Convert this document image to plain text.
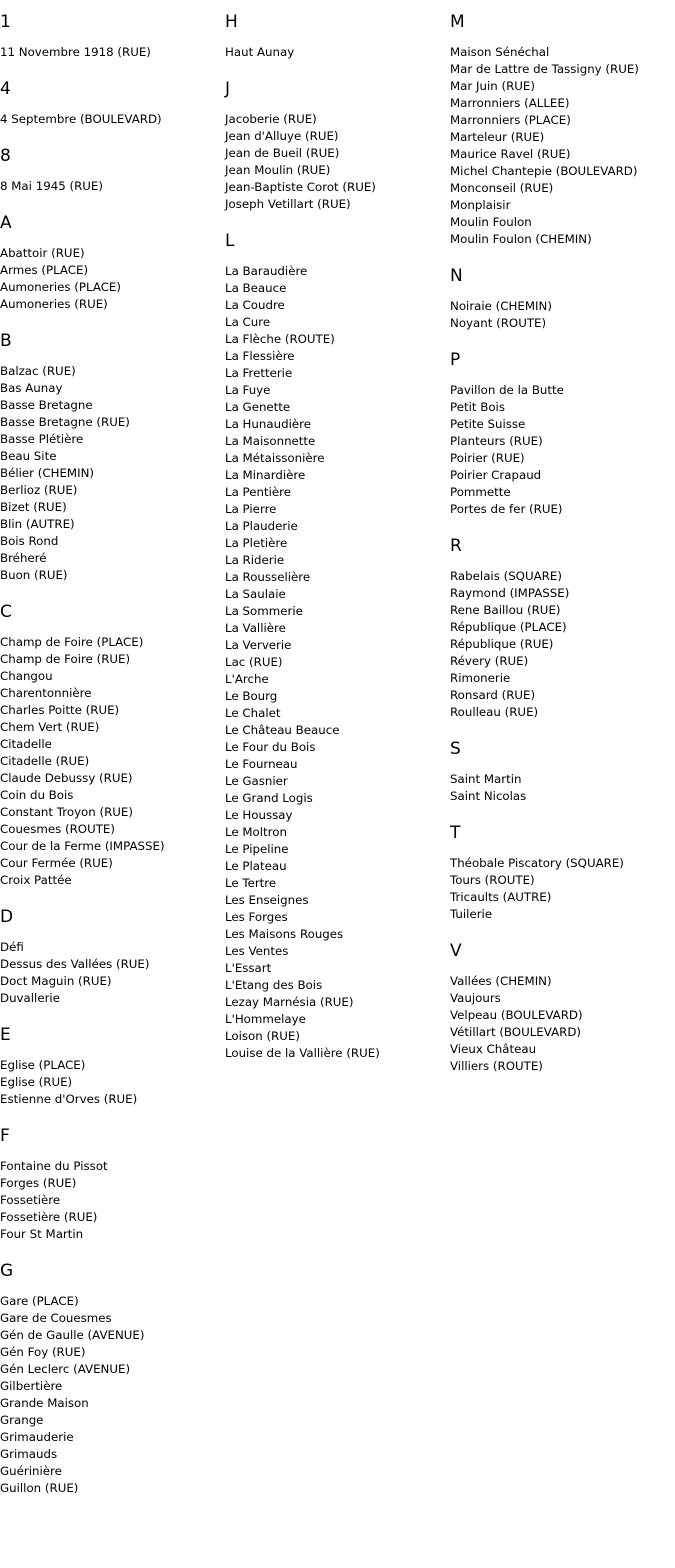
1
11 Novembre 1918 (RUE)
4
4 Septembre (BOULEVARD)
8
8 Mai 1945 (RUE)
A
Abattoir (RUE)
Armes (PLACE)
Aumoneries (PLACE)
Aumoneries (RUE)
B
Balzac (RUE)
Bas Aunay
Basse Bretagne
Basse Bretagne (RUE)
Basse Plétière
Beau Site
Bélier (CHEMIN)
Berlioz (RUE)
Bizet (RUE)
Blin (AUTRE)
Bois Rond
Bréheré
Buon (RUE)
C
Champ de Foire (PLACE)
Champ de Foire (RUE)
Changou
Charentonnière
Charles Poitte (RUE)
Chem Vert (RUE)
Citadelle
Citadelle (RUE)
Claude Debussy (RUE)
Coin du Bois
Constant Troyon (RUE)
Couesmes (ROUTE)
Cour de la Ferme (IMPASSE)
Cour Fermée (RUE)
Croix Pattée
D
Défi
Dessus des Vallées (RUE)
Doct Maguin (RUE)
Duvallerie
E
Eglise (PLACE)
Eglise (RUE)
Estienne d'Orves (RUE)
F
Fontaine du Pissot
Forges (RUE)
Fossetière
Fossetière (RUE)
Four St Martin
G
Gare (PLACE)
Gare de Couesmes
Gén de Gaulle (AVENUE)
Gén Foy (RUE)
Gén Leclerc (AVENUE)
Gilbertière
Grande Maison
Grange
Grimauderie
Grimauds
Guérinière
Guillon (RUE)
H
Haut Aunay
J
Jacoberie (RUE)
Jean d'Alluye (RUE)
Jean de Bueil (RUE)
Jean Moulin (RUE)
Jean-Baptiste Corot (RUE)
Joseph Vetillart (RUE)
L
La Baraudière
La Beauce
La Coudre
La Cure
La Flèche (ROUTE)
La Flessière
La Fretterie
La Fuye
La Genette
La Hunaudière
La Maisonnette
La Métaissonière
La Minardière
La Pentière
La Pierre
La Plauderie
La Pletière
La Riderie
La Rousselière
La Saulaie
La Sommerie
La Vallière
La Ververie
Lac (RUE)
L'Arche
Le Bourg
Le Chalet
Le Château Beauce
Le Four du Bois
Le Fourneau
Le Gasnier
Le Grand Logis
Le Houssay
Le Moltron
Le Pipeline
Le Plateau
Le Tertre
Les Enseignes
Les Forges
Les Maisons Rouges
Les Ventes
L'Essart
L'Etang des Bois
Lezay Marnésia (RUE)
L'Hommelaye
Loison (RUE)
Louise de la Vallière (RUE)
M
Maison Sénéchal
Mar de Lattre de Tassigny (RUE)
Mar Juin (RUE)
Marronniers (ALLEE)
Marronniers (PLACE)
Marteleur (RUE)
Maurice Ravel (RUE)
Michel Chantepie (BOULEVARD)
Monconseil (RUE)
Monplaisir
Moulin Foulon
Moulin Foulon (CHEMIN)
N
Noiraie (CHEMIN)
Noyant (ROUTE)
P
Pavillon de la Butte
Petit Bois
Petite Suisse
Planteurs (RUE)
Poirier (RUE)
Poirier Crapaud
Pommette
Portes de fer (RUE)
R
Rabelais (SQUARE)
Raymond (IMPASSE)
Rene Baillou (RUE)
République (PLACE)
République (RUE)
Révery (RUE)
Rimonerie
Ronsard (RUE)
Roulleau (RUE)
S
Saint Martin
Saint Nicolas
T
Théobale Piscatory (SQUARE)
Tours (ROUTE)
Tricaults (AUTRE)
Tuilerie
V
Vallées (CHEMIN)
Vaujours
Velpeau (BOULEVARD)
Vétillart (BOULEVARD)
Vieux Château
Villiers (ROUTE)
